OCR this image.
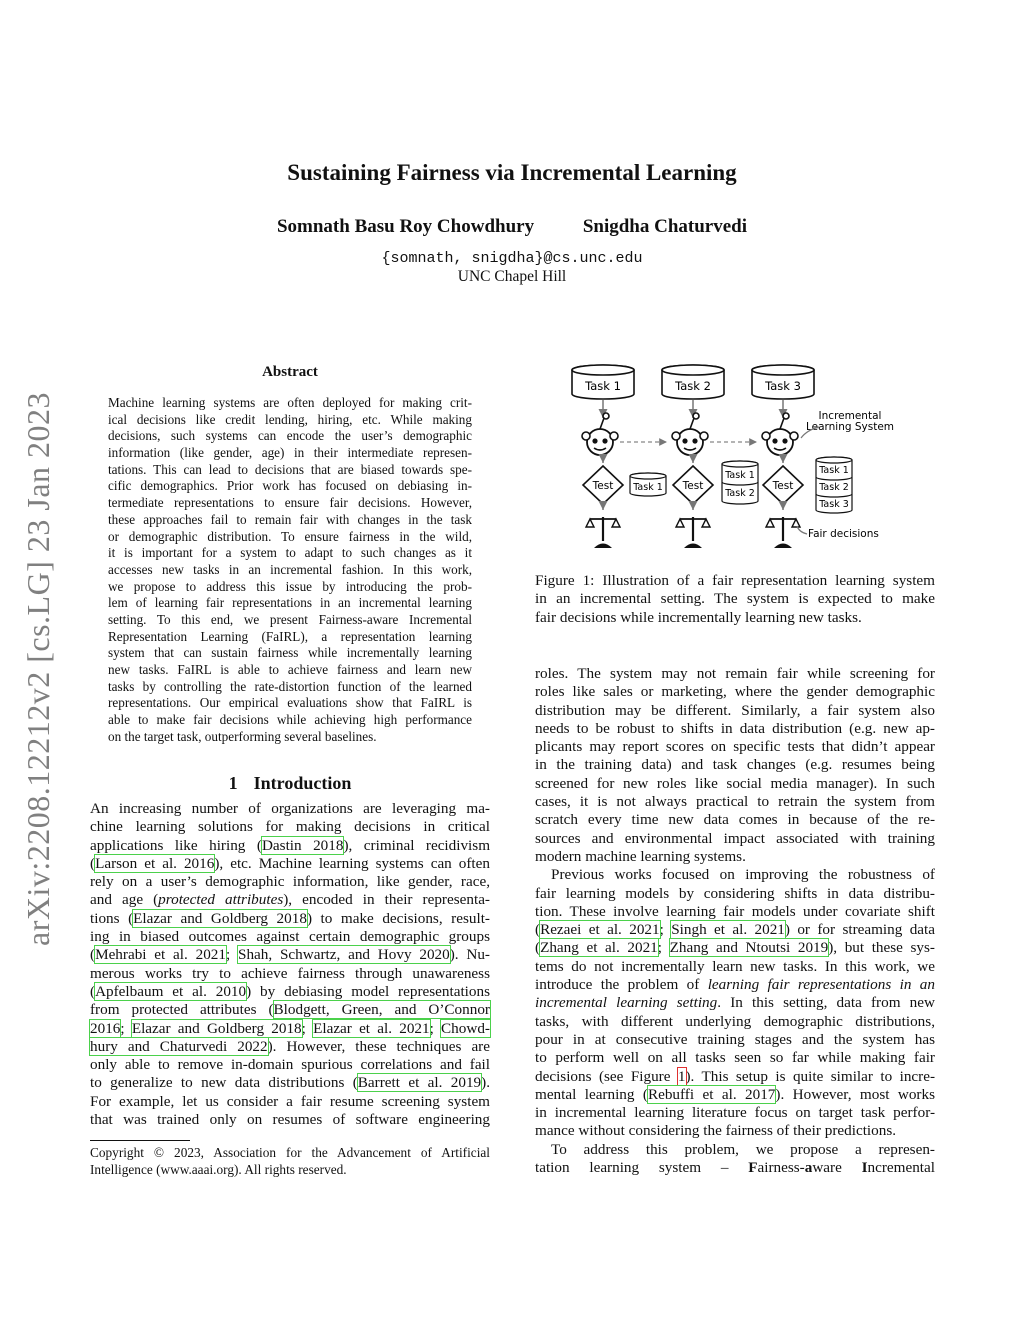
Sustaining Fairness via Incremental Learning
Somnath Basu Roy Chowdhury	Snigdha Chaturvedi
{somnath, snigdha}@cs.unc.edu
UNC Chapel Hill
arXiv:2208.12212v2 [cs.LG] 23 Jan 2023
Abstract
Machine learning systems are often deployed for making crit-
ical decisions like credit lending, hiring, etc. While making
decisions, such systems can encode the user’s demographic
information (like gender, age) in their intermediate represen-
tations. This can lead to decisions that are biased towards spe-
cific demographics. Prior work has focused on debiasing in-
termediate representations to ensure fair decisions. However,
these approaches fail to remain fair with changes in the task
or demographic distribution. To ensure fairness in the wild,
it is important for a system to adapt to such changes as it
accesses new tasks in an incremental fashion. In this work,
we propose to address this issue by introducing the prob-
lem of learning fair representations in an incremental learning
setting. To this end, we present Fairness-aware Incremental
Representation Learning (FaIRL), a representation learning
system that can sustain fairness while incrementally learning
new tasks. FaIRL is able to achieve fairness and learn new
tasks by controlling the rate-distortion function of the learned
representations. Our empirical evaluations show that FaIRL is
able to make fair decisions while achieving high performance
on the target task, outperforming several baselines.
1 Introduction
An increasing number of organizations are leveraging ma-
chine learning solutions for making decisions in critical
applications like hiring (Dastin 2018), criminal recidivism
(Larson et al. 2016), etc. Machine learning systems can often
rely on a user’s demographic information, like gender, race,
and age (protected attributes), encoded in their representa-
tions (Elazar and Goldberg 2018) to make decisions, result-
ing in biased outcomes against certain demographic groups
(Mehrabi et al. 2021; Shah, Schwartz, and Hovy 2020). Nu-
merous works try to achieve fairness through unawareness
(Apfelbaum et al. 2010) by debiasing model representations
from protected attributes (Blodgett, Green, and O’Connor
2016; Elazar and Goldberg 2018; Elazar et al. 2021; Chowd-
hury and Chaturvedi 2022). However, these techniques are
only able to remove in-domain spurious correlations and fail
to generalize to new data distributions (Barrett et al. 2019).
For example, let us consider a fair resume screening system
that was trained only on resumes of software engineering
Copyright © 2023, Association for the Advancement of Artificial
Intelligence (www.aaai.org). All rights reserved.
Task 1	Task 2	Task 3
Incremental
Learning System
Test	Test	Test
Task 1
Task 1
Task 2
Task 1
Task 2
Task 3
Fair decisions
Figure 1: Illustration of a fair representation learning system
in an incremental setting. The system is expected to make
fair decisions while incrementally learning new tasks.
roles. The system may not remain fair while screening for
roles like sales or marketing, where the gender demographic
distribution may be different. Similarly, a fair system also
needs to be robust to shifts in data distribution (e.g. new ap-
plicants may report scores on specific tests that didn’t appear
in the training data) and task changes (e.g. resumes being
screened for new roles like social media manager). In such
cases, it is not always practical to retrain the system from
scratch every time new data comes in because of the re-
sources and environmental impact associated with training
modern machine learning systems.
Previous works focused on improving the robustness of
fair learning models by considering shifts in data distribu-
tion. These involve learning fair models under covariate shift
(Rezaei et al. 2021; Singh et al. 2021) or for streaming data
(Zhang et al. 2021; Zhang and Ntoutsi 2019), but these sys-
tems do not incrementally learn new tasks. In this work, we
introduce the problem of learning fair representations in an
incremental learning setting. In this setting, data from new
tasks, with different underlying demographic distributions,
pour in at consecutive training stages and the system has
to perform well on all tasks seen so far while making fair
decisions (see Figure 1). This setup is quite similar to incre-
mental learning (Rebuffi et al. 2017). However, most works
in incremental learning literature focus on target task perfor-
mance without considering the fairness of their predictions.
To address this problem, we propose a represen-
tation learning system – Fairness-aware Incremental
